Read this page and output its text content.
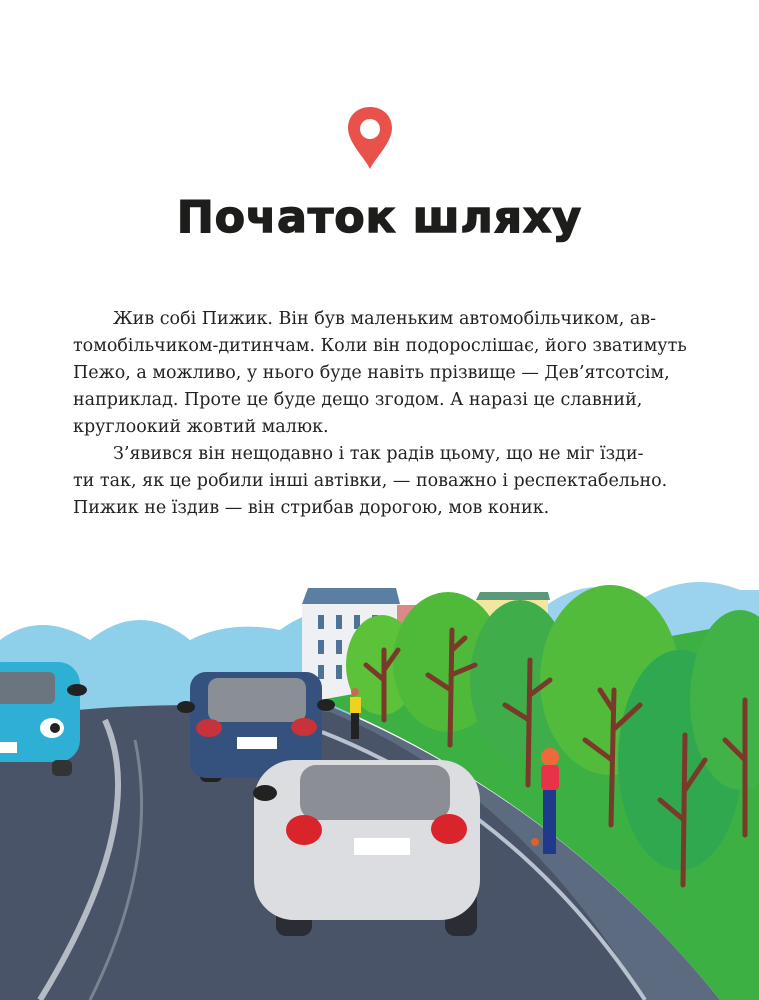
Початок шляху
Жив собі Пижик. Він був маленьким автомобільчиком, ав-
томобільчиком-дитинчам. Коли він подорослішає, його зватимуть
Пежо, а можливо, у нього буде навіть прізвище — Дев’ятсотсім,
наприклад. Проте це буде дещо згодом. А наразі це славний,
круглоокий жовтий малюк.
З’явився він нещодавно і так радів цьому, що не міг їзди-
ти так, як це робили інші автівки, — поважно і респектабельно.
Пижик не їздив — він стрибав дорогою, мов коник.
